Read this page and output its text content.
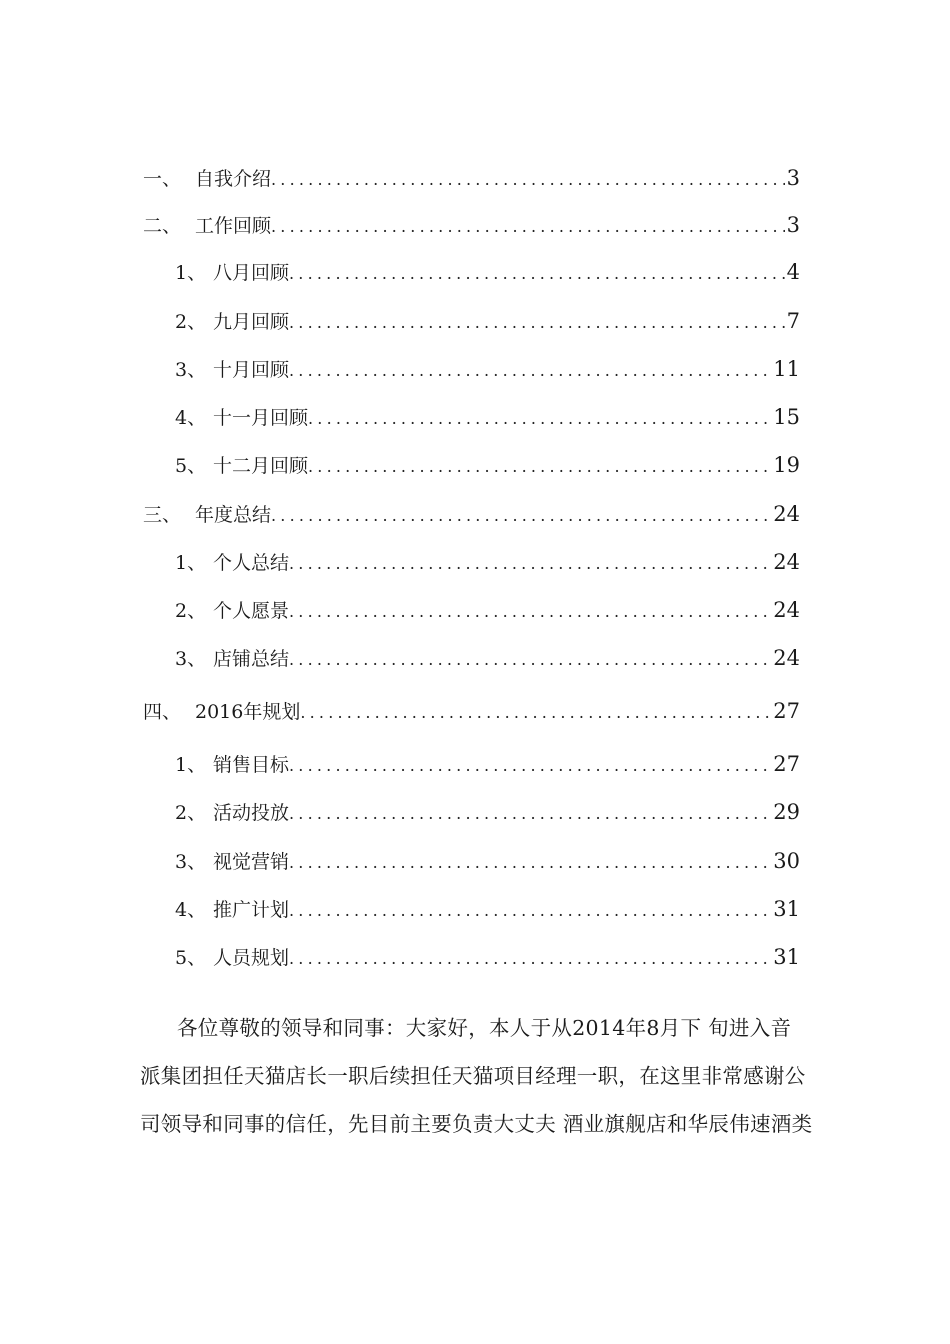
一、 自我介绍 .....	3
二、 工作回顾 .....	3
1、 八月回顾 .....	4
2、 九月回顾 .....	7
3、 十月回顾 .....	11
4、 十一月回顾 .....	15
5、 十二月回顾 .....	19
三、 年度总结 .....	24
1、 个人总结 .....	24
2、 个人愿景 .....	24
3、 店铺总结 .....	24
四、 2016年规划 .....	27
1、 销售目标 .....	27
2、 活动投放 .....	29
3、 视觉营销 .....	30
4、 推广计划 .....	31
5、 人员规划 .....	31
各位尊敬的领导和同事：大家好，本人于从2014年8月下 旬进入音
派集团担任天猫店长一职后续担任天猫项目经理一职，在这里非常感谢公
司领导和同事的信任，先目前主要负责大丈夫 酒业旗舰店和华辰伟速酒类
